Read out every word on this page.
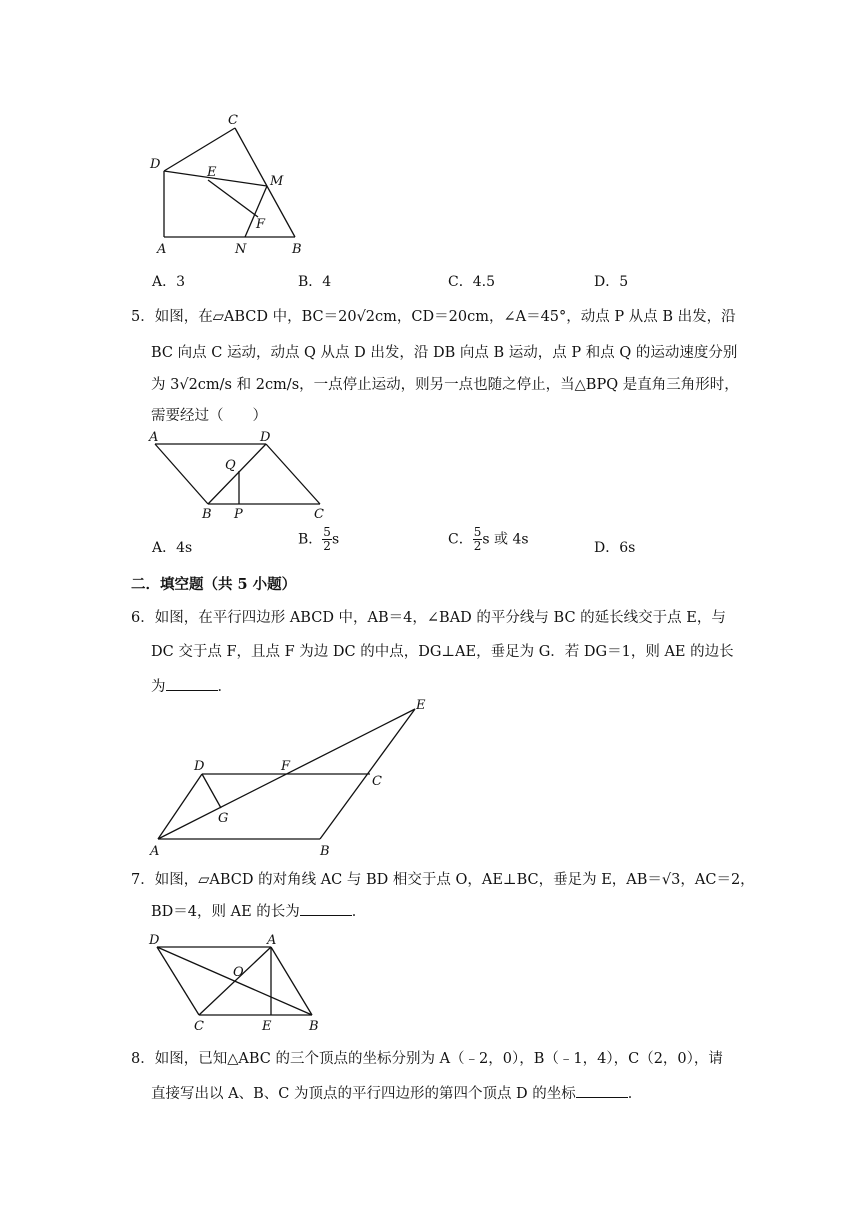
C
D
E
M
F
A	N	B
A．3	B．4	C．4.5	D．5
5．如图，在▱ABCD 中，BC＝20√2cm，CD＝20cm，∠A＝45°，动点 P 从点 B 出发，沿
BC 向点 C 运动，动点 Q 从点 D 出发，沿 DB 向点 B 运动，点 P 和点 Q 的运动速度分别
为 3√2cm/s 和 2cm/s，一点停止运动，则另一点也随之停止，当△BPQ 是直角三角形时，
需要经过（　　）
A	D
Q
B P	C
A．4s
B． $\frac{5}{2}$ s	C． $\frac{5}{2}$ s 或 4s
D．6s
二．填空题（共 5 小题）
6．如图，在平行四边形 ABCD 中，AB＝4，∠BAD 的平分线与 BC 的延长线交于点 E，与
DC 交于点 F，且点 F 为边 DC 的中点，DG⊥AE，垂足为 G．若 DG＝1，则 AE 的边长
为	．
E
D	F
C
G
A	B
7．如图，▱ABCD 的对角线 AC 与 BD 相交于点 O，AE⊥BC，垂足为 E，AB＝√3，AC＝2，
BD＝4，则 AE 的长为	．
D	A
O
C	E	B
8．如图，已知△ABC 的三个顶点的坐标分别为 A（﹣2，0），B（﹣1，4），C（2，0），请
直接写出以 A、B、C 为顶点的平行四边形的第四个顶点 D 的坐标	．
